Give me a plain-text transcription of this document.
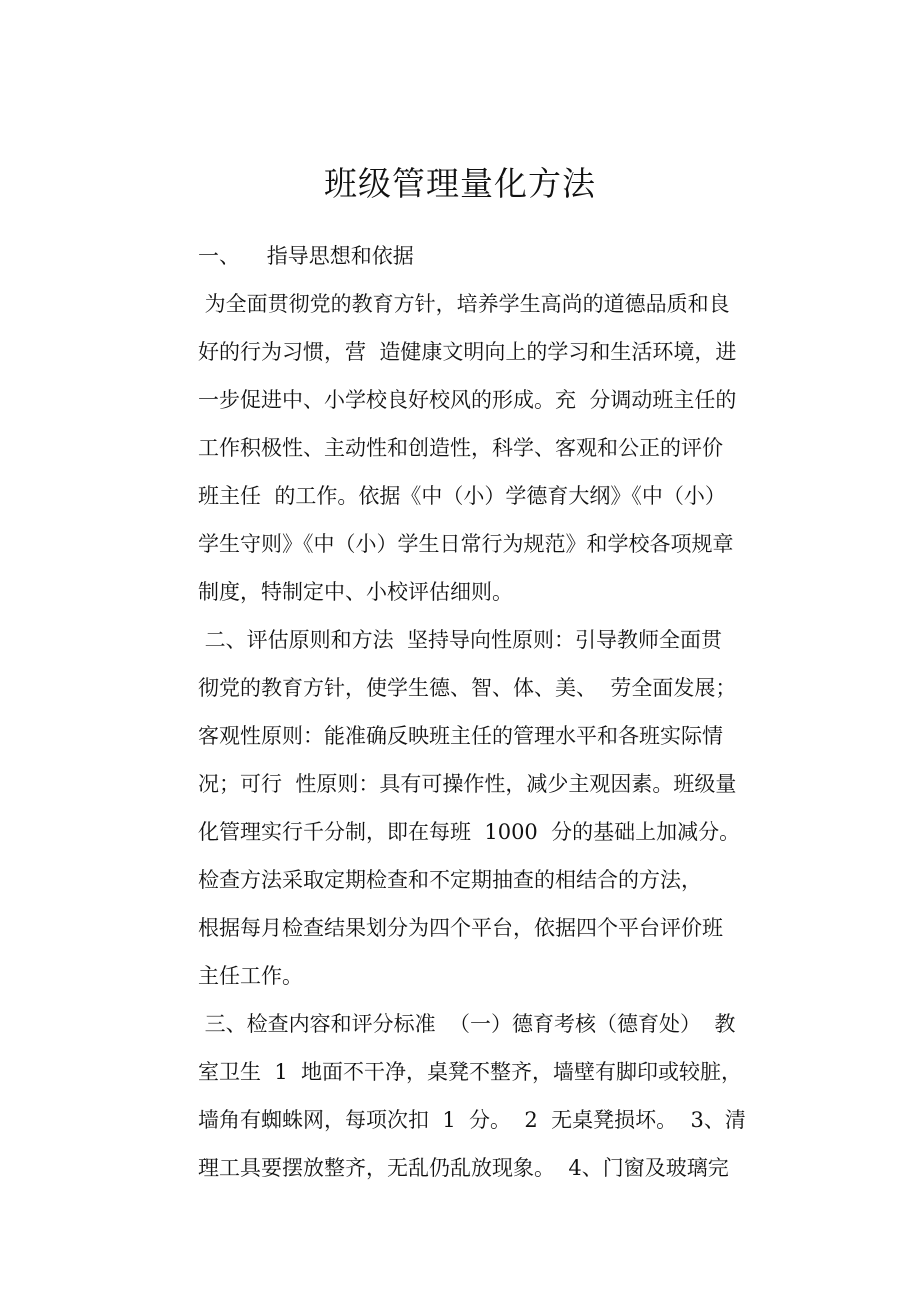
班级管理量化方法

一、    指导思想和依据

为全面贯彻党的教育方针，培养学生高尚的道德品质和良

好的行为习惯，营  造健康文明向上的学习和生活环境，进

一步促进中、小学校良好校风的形成。充  分调动班主任的

工作积极性、主动性和创造性，科学、客观和公正的评价

班主任  的工作。依据《中（小）学德育大纲》《中（小）

学生守则》《中（小）学生日常行为规范》和学校各项规章

制度，特制定中、小校评估细则。

二、评估原则和方法  坚持导向性原则：引导教师全面贯

彻党的教育方针，使学生德、智、体、美、  劳全面发展；

客观性原则：能准确反映班主任的管理水平和各班实际情

况；可行  性原则：具有可操作性，减少主观因素。班级量

化管理实行千分制，即在每班  1000  分的基础上加减分。

检查方法采取定期检查和不定期抽查的相结合的方法，

根据每月检查结果划分为四个平台，依据四个平台评价班

主任工作。

三、检查内容和评分标准  （一）德育考核（德育处）  教

室卫生  1  地面不干净，桌凳不整齐，墙壁有脚印或较脏，

墙角有蜘蛛网，每项次扣  1  分。  2  无桌凳损坏。  3、清

理工具要摆放整齐，无乱仍乱放现象。  4、门窗及玻璃完
